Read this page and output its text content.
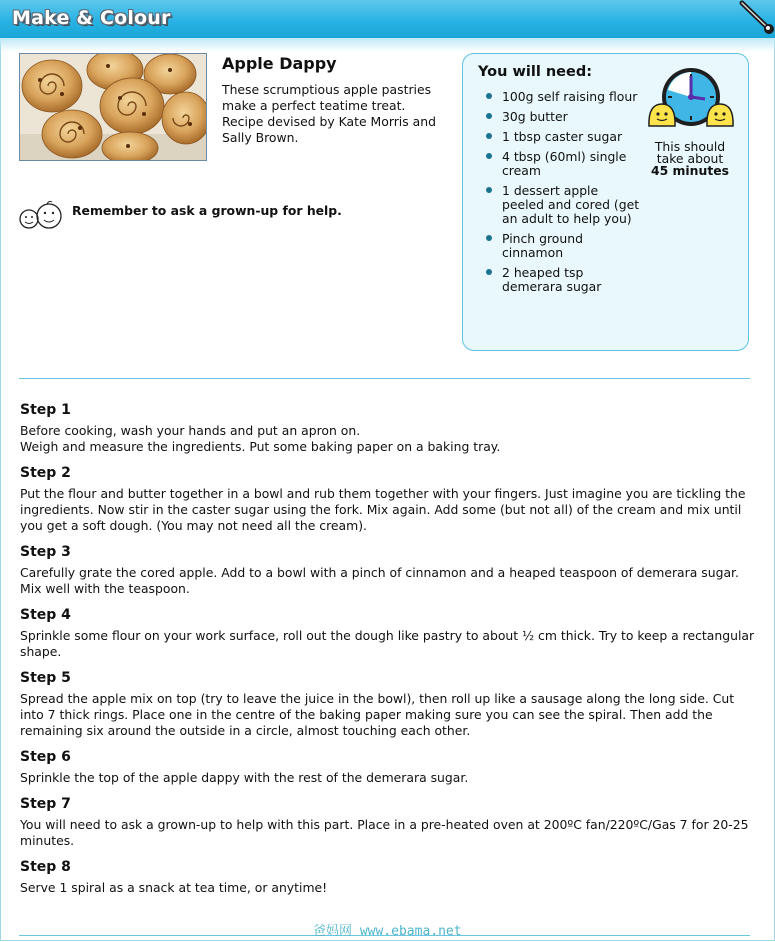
Make & Colour
Apple Dappy
These scrumptious apple pastries make a perfect teatime treat. Recipe devised by Kate Morris and Sally Brown.
Remember to ask a grown-up for help.
You will need:
100g self raising flour
30g butter
1 tbsp caster sugar
4 tbsp (60ml) single cream
1 dessert apple peeled and cored (get an adult to help you)
Pinch ground cinnamon
2 heaped tsp demerara sugar
This should take about
45 minutes
Step 1
Before cooking, wash your hands and put an apron on.
Weigh and measure the ingredients. Put some baking paper on a baking tray.
Step 2
Put the flour and butter together in a bowl and rub them together with your fingers. Just imagine you are tickling the ingredients. Now stir in the caster sugar using the fork. Mix again. Add some (but not all) of the cream and mix until you get a soft dough. (You may not need all the cream).
Step 3
Carefully grate the cored apple. Add to a bowl with a pinch of cinnamon and a heaped teaspoon of demerara sugar. Mix well with the teaspoon.
Step 4
Sprinkle some flour on your work surface, roll out the dough like pastry to about ½ cm thick. Try to keep a rectangular shape.
Step 5
Spread the apple mix on top (try to leave the juice in the bowl), then roll up like a sausage along the long side. Cut into 7 thick rings. Place one in the centre of the baking paper making sure you can see the spiral. Then add the remaining six around the outside in a circle, almost touching each other.
Step 6
Sprinkle the top of the apple dappy with the rest of the demerara sugar.
Step 7
You will need to ask a grown-up to help with this part. Place in a pre-heated oven at 200ºC fan/220ºC/Gas 7 for 20-25 minutes.
Step 8
Serve 1 spiral as a snack at tea time, or anytime!
爸妈网 www.ebama.net
